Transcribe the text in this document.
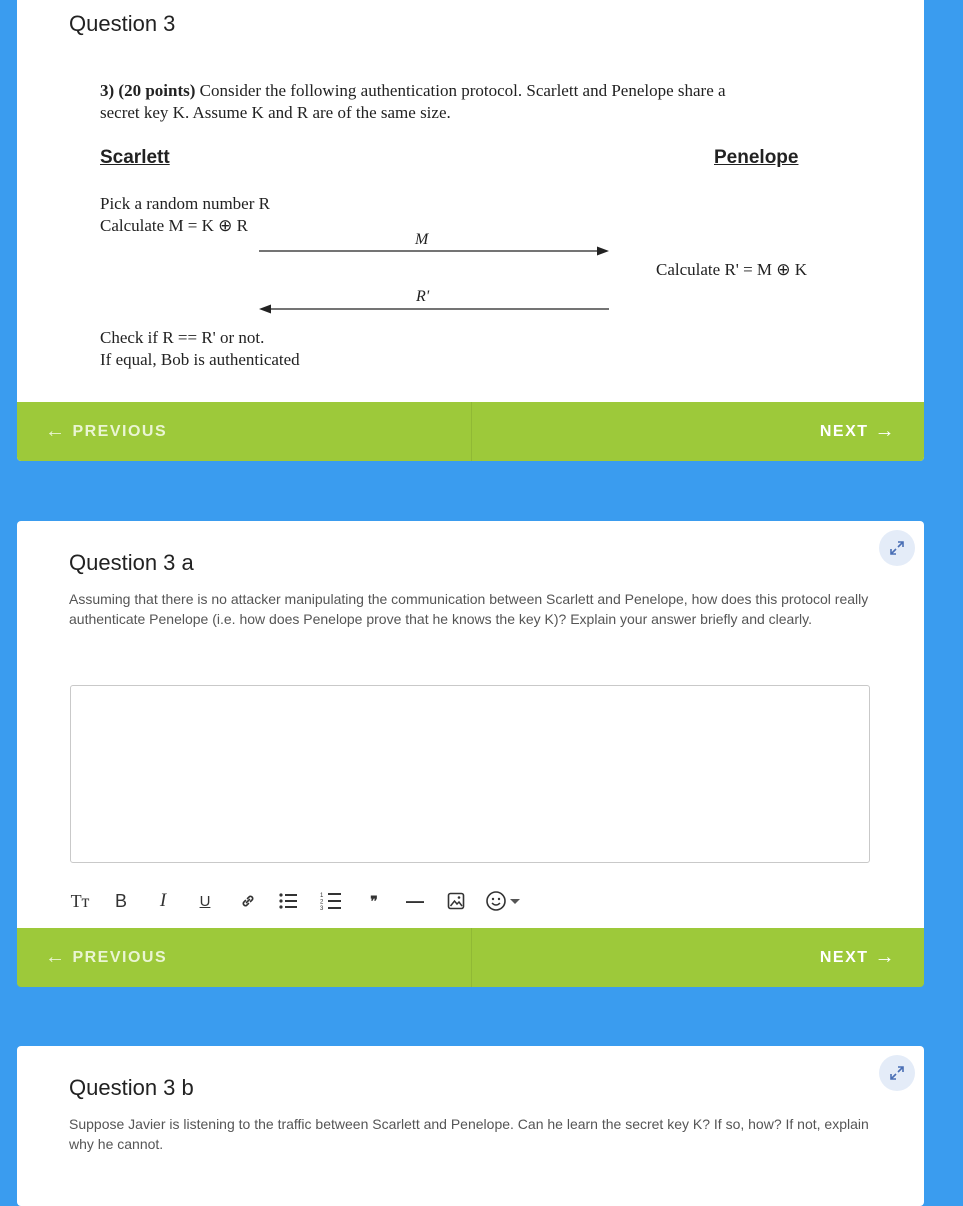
Question 3
3) (20 points) Consider the following authentication protocol. Scarlett and Penelope share a
secret key K. Assume K and R are of the same size.
Scarlett	Penelope
Pick a random number R
Calculate M = K ⊕ R
M
Calculate R' = M ⊕ K
R'
Check if R == R' or not.
If equal, Bob is authenticated
← PREVIOUS	NEXT →
Question 3 a
Assuming that there is no attacker manipulating the communication between Scarlett and Penelope, how does this protocol really authenticate Penelope (i.e. how does Penelope prove that he knows the key K)? Explain your answer briefly and clearly.
Tт B	I	U	1
2
3
❞	—
← PREVIOUS	NEXT →
Question 3 b
Suppose Javier is listening to the traffic between Scarlett and Penelope. Can he learn the secret key K? If so, how? If not, explain why he cannot.
